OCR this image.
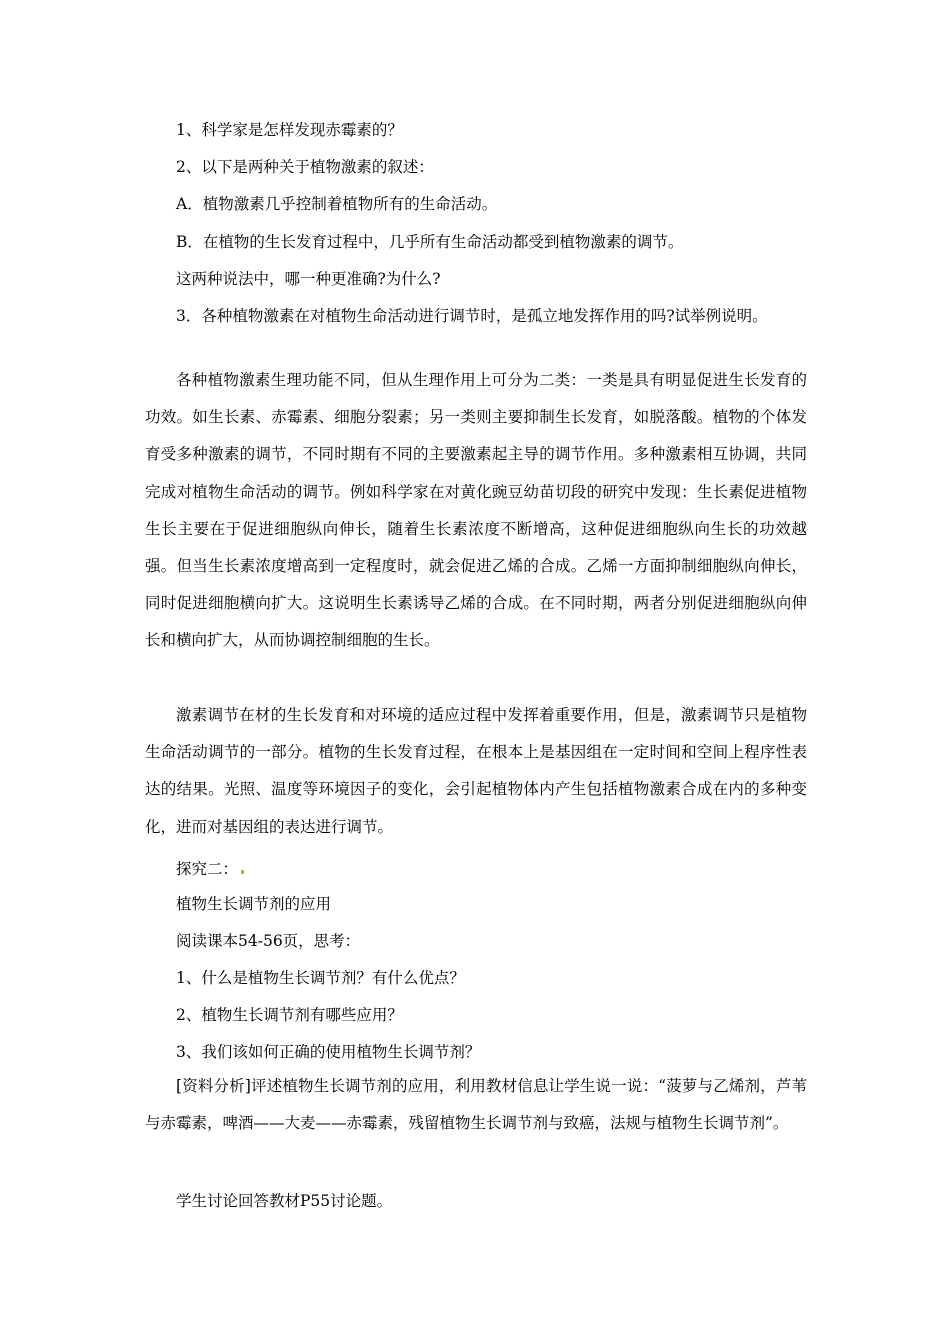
1、科学家是怎样发现赤霉素的？
2、以下是两种关于植物激素的叙述：
A．植物激素几乎控制着植物所有的生命活动。
B．在植物的生长发育过程中，几乎所有生命活动都受到植物激素的调节。
这两种说法中，哪一种更准确?为什么?
3．各种植物激素在对植物生命活动进行调节时，是孤立地发挥作用的吗?试举例说明。
各种植物激素生理功能不同，但从生理作用上可分为二类：一类是具有明显促进生长发育的功效。如生长素、赤霉素、细胞分裂素；另一类则主要抑制生长发育，如脱落酸。植物的个体发育受多种激素的调节，不同时期有不同的主要激素起主导的调节作用。多种激素相互协调，共同完成对植物生命活动的调节。例如科学家在对黄化豌豆幼苗切段的研究中发现：生长素促进植物生长主要在于促进细胞纵向伸长，随着生长素浓度不断增高，这种促进细胞纵向生长的功效越强。但当生长素浓度增高到一定程度时，就会促进乙烯的合成。乙烯一方面抑制细胞纵向伸长，同时促进细胞横向扩大。这说明生长素诱导乙烯的合成。在不同时期，两者分别促进细胞纵向伸长和横向扩大，从而协调控制细胞的生长。
激素调节在材的生长发育和对环境的适应过程中发挥着重要作用，但是，激素调节只是植物生命活动调节的一部分。植物的生长发育过程，在根本上是基因组在一定时间和空间上程序性表达的结果。光照、温度等环境因子的变化，会引起植物体内产生包括植物激素合成在内的多种变化，进而对基因组的表达进行调节。
探究二：
植物生长调节剂的应用
阅读课本54-56页，思考：
1、什么是植物生长调节剂？有什么优点？
2、植物生长调节剂有哪些应用？
3、我们该如何正确的使用植物生长调节剂？
[资料分析]评述植物生长调节剂的应用，利用教材信息让学生说一说：“菠萝与乙烯剂，芦苇与赤霉素，啤酒——大麦——赤霉素，残留植物生长调节剂与致癌，法规与植物生长调节剂”。
学生讨论回答教材P55讨论题。
